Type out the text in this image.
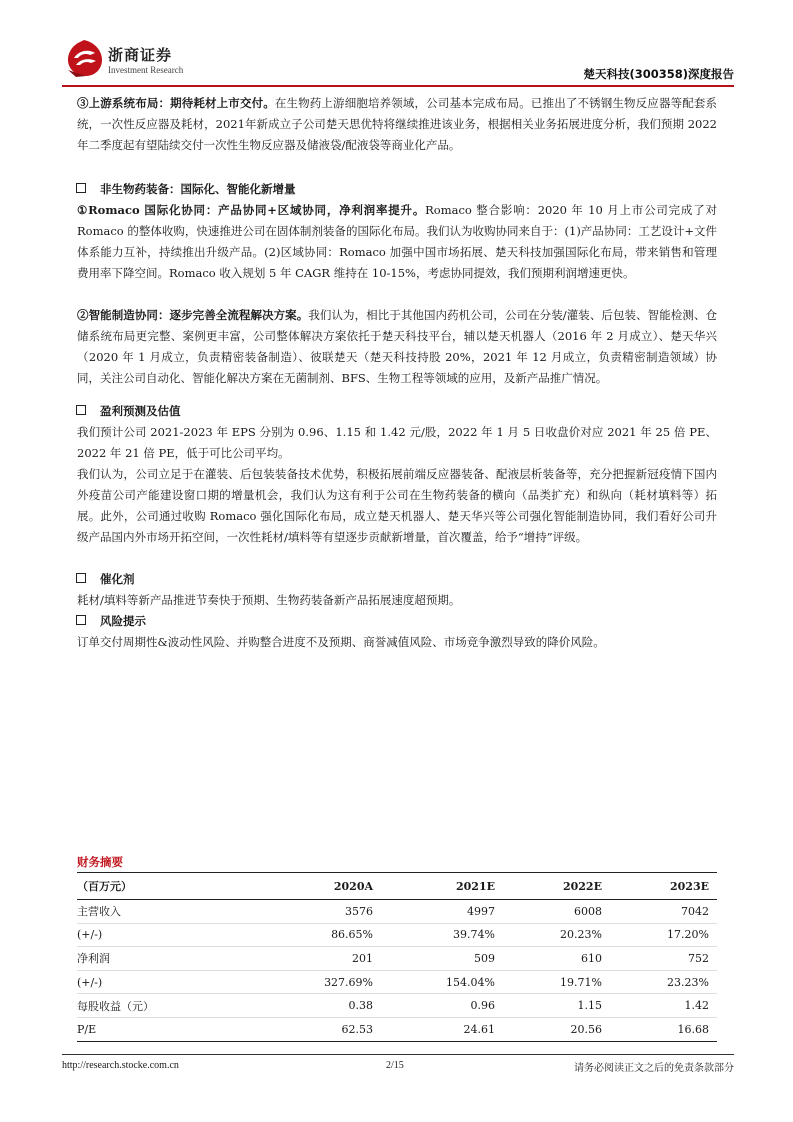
浙商证券
Investment Research	楚天科技(300358)深度报告

③上游系统布局：期待耗材上市交付。在生物药上游细胞培养领域，公司基本完成布局。已推出了不锈钢生物反应器等配套系统，一次性反应器及耗材，2021年新成立子公司楚天思优特将继续推进该业务，根据相关业务拓展进度分析，我们预期 2022 年二季度起有望陆续交付一次性生物反应器及储液袋/配液袋等商业化产品。

非生物药装备：国际化、智能化新增量

①Romaco 国际化协同：产品协同+区域协同，净利润率提升。Romaco 整合影响：2020 年 10 月上市公司完成了对 Romaco 的整体收购，快速推进公司在固体制剂装备的国际化布局。我们认为收购协同来自于：(1)产品协同：工艺设计+文件体系能力互补，持续推出升级产品。(2)区域协同：Romaco 加强中国市场拓展、楚天科技加强国际化布局，带来销售和管理费用率下降空间。Romaco 收入规划 5 年 CAGR 维持在 10-15%，考虑协同提效，我们预期利润增速更快。

②智能制造协同：逐步完善全流程解决方案。我们认为，相比于其他国内药机公司，公司在分装/灌装、后包装、智能检测、仓储系统布局更完整、案例更丰富，公司整体解决方案依托于楚天科技平台，辅以楚天机器人（2016 年 2 月成立）、楚天华兴（2020 年 1 月成立，负责精密装备制造）、彼联楚天（楚天科技持股 20%，2021 年 12 月成立，负责精密制造领域）协同，关注公司自动化、智能化解决方案在无菌制剂、BFS、生物工程等领域的应用，及新产品推广情况。

盈利预测及估值

我们预计公司 2021-2023 年 EPS 分别为 0.96、1.15 和 1.42 元/股，2022 年 1 月 5 日收盘价对应 2021 年 25 倍 PE、2022 年 21 倍 PE，低于可比公司平均。

我们认为，公司立足于在灌装、后包装装备技术优势，积极拓展前端反应器装备、配液层析装备等，充分把握新冠疫情下国内外疫苗公司产能建设窗口期的增量机会，我们认为这有利于公司在生物药装备的横向（品类扩充）和纵向（耗材填料等）拓展。此外，公司通过收购 Romaco 强化国际化布局，成立楚天机器人、楚天华兴等公司强化智能制造协同，我们看好公司升级产品国内外市场开拓空间，一次性耗材/填料等有望逐步贡献新增量，首次覆盖，给予“增持”评级。

催化剂

耗材/填料等新产品推进节奏快于预期、生物药装备新产品拓展速度超预期。

风险提示

订单交付周期性&波动性风险、并购整合进度不及预期、商誉减值风险、市场竞争激烈导致的降价风险。

财务摘要
（百万元）	2020A	2021E	2022E	2023E
主营收入	3576	4997	6008	7042
(+/-)	86.65%	39.74%	20.23%	17.20%
净利润	201	509	610	752
(+/-)	327.69%	154.04%	19.71%	23.23%
每股收益（元）	0.38	0.96	1.15	1.42
P/E	62.53	24.61	20.56	16.68
http://research.stocke.com.cn	2/15	请务必阅读正文之后的免责条款部分
